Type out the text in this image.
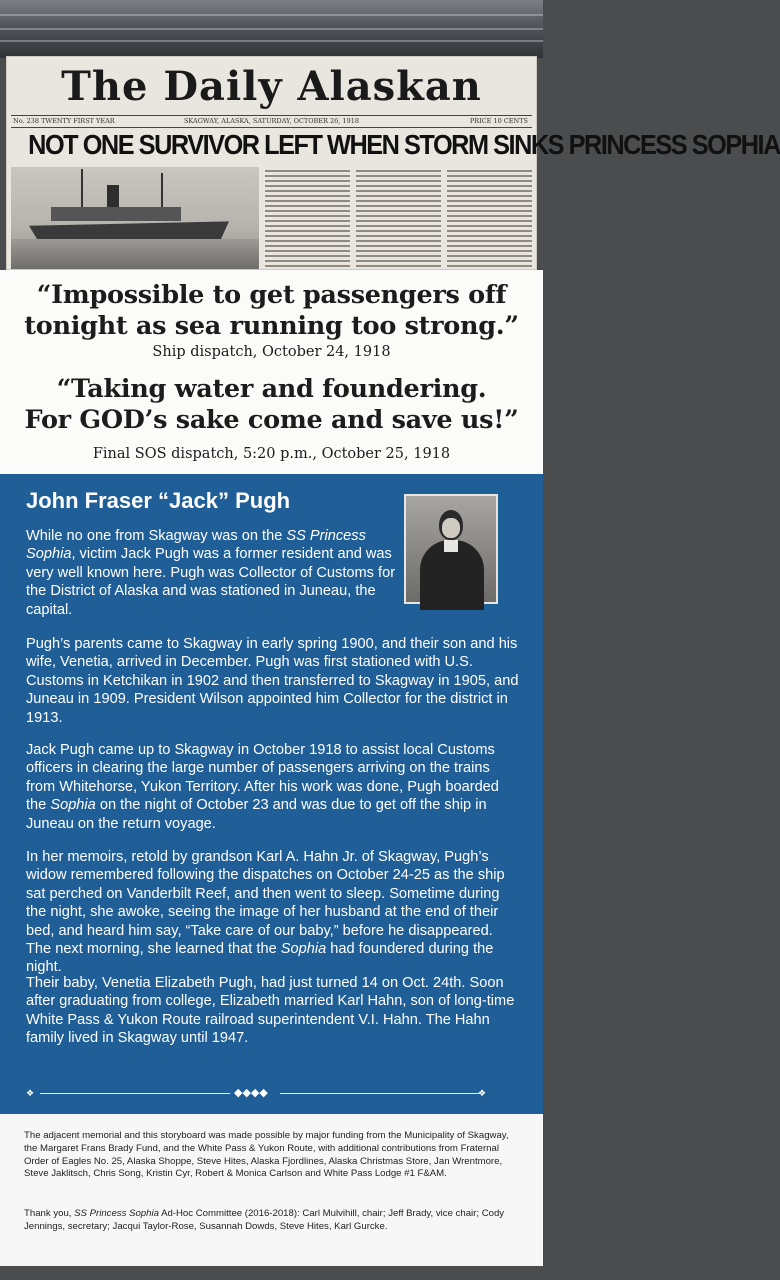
The Daily Alaskan
No. 238 TWENTY FIRST YEAR	SKAGWAY, ALASKA, SATURDAY, OCTOBER 26, 1918	PRICE 10 CENTS
NOT ONE SURVIVOR LEFT WHEN STORM SINKS PRINCESS SOPHIA
“Impossible to get passengers off
tonight as sea running too strong.”
Ship dispatch, October 24, 1918
“Taking water and foundering.
For GOD’s sake come and save us!”
Final SOS dispatch, 5:20 p.m., October 25, 1918
John Fraser “Jack” Pugh
While no one from Skagway was on the SS Princess Sophia, victim Jack Pugh was a former resident and was very well known here. Pugh was Collector of Customs for the District of Alaska and was stationed in Juneau, the capital.
Pugh’s parents came to Skagway in early spring 1900, and their son and his wife, Venetia, arrived in December. Pugh was first stationed with U.S. Customs in Ketchikan in 1902 and then transferred to Skagway in 1905, and Juneau in 1909. President Wilson appointed him Collector for the district in 1913.
Jack Pugh came up to Skagway in October 1918 to assist local Customs officers in clearing the large number of passengers arriving on the trains from Whitehorse, Yukon Territory. After his work was done, Pugh boarded the Sophia on the night of October 23 and was due to get off the ship in Juneau on the return voyage.
In her memoirs, retold by grandson Karl A. Hahn Jr. of Skagway, Pugh’s widow remembered following the dispatches on October 24-25 as the ship sat perched on Vanderbilt Reef, and then went to sleep. Sometime during the night, she awoke, seeing the image of her husband at the end of their bed, and heard him say, “Take care of our baby,” before he disappeared. The next morning, she learned that the Sophia had foundered during the night.
Their baby, Venetia Elizabeth Pugh, had just turned 14 on Oct. 24th. Soon after graduating from college, Elizabeth married Karl Hahn, son of long-time White Pass & Yukon Route railroad superintendent V.I. Hahn. The Hahn family lived in Skagway until 1947.
❖	◆◆◆◆	❖
The adjacent memorial and this storyboard was made possible by major funding from the Municipality of Skagway, the Margaret Frans Brady Fund, and the White Pass & Yukon Route, with additional contributions from Fraternal Order of Eagles No. 25, Alaska Shoppe, Steve Hites, Alaska Fjordlines, Alaska Christmas Store, Jan Wrentmore, Steve Jaklitsch, Chris Song, Kristin Cyr, Robert & Monica Carlson and White Pass Lodge #1 F&AM.
Thank you, SS Princess Sophia Ad-Hoc Committee (2016-2018): Carl Mulvihill, chair; Jeff Brady, vice chair; Cody Jennings, secretary; Jacqui Taylor-Rose, Susannah Dowds, Steve Hites, Karl Gurcke.
